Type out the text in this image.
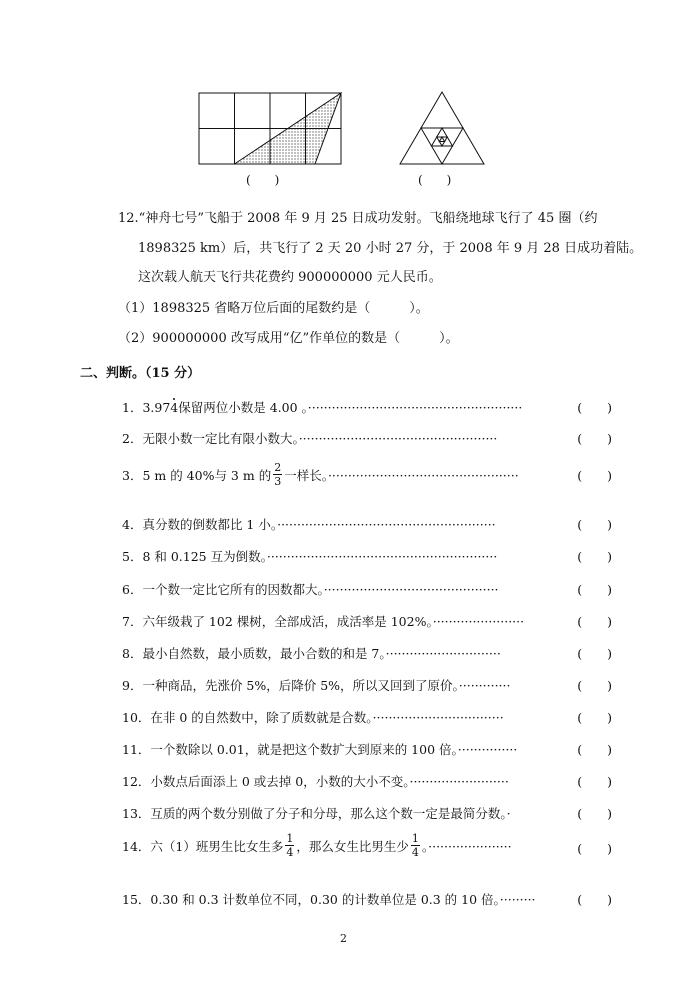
(　　)	(　　)
12.“神舟七号”飞船于 2008 年 9 月 25 日成功发射。飞船绕地球飞行了 45 圈（约
1898325 km）后，共飞行了 2 天 20 小时 27 分，于 2008 年 9 月 28 日成功着陆。
这次载人航天飞行共花费约 900000000 元人民币。
（1）1898325 省略万位后面的尾数约是（　　　）。
（2）900000000 改写成用“亿”作单位的数是（　　　）。
二、判断。（15 分）
1． 3.97 4 保留两位小数是 4.00 。······················································	(　　)
2． 无限小数一定比有限小数大。··················································	(　　)
3． 5 m 的 40%与 3 m 的 $\frac{2}{3}$ 一样长。················································	(　　)
4． 真分数的倒数都比 1 小。·······················································	(　　)
5． 8 和 0.125 互为倒数。··························································	(　　)
6． 一个数一定比它所有的因数都大。············································	(　　)
7． 六年级栽了 102 棵树，全部成活，成活率是 102%。·······················	(　　)
8． 最小自然数，最小质数，最小合数的和是 7。·····························	(　　)
9． 一种商品，先涨价 5%，后降价 5%，所以又回到了原价。·············	(　　)
10． 在非 0 的自然数中，除了质数就是合数。·································	(　　)
11． 一个数除以 0.01，就是把这个数扩大到原来的 100 倍。···············	(　　)
12． 小数点后面添上 0 或去掉 0，小数的大小不变。·························	(　　)
13． 互质的两个数分别做了分子和分母，那么这个数一定是最简分数。·	(　　)
14． 六（1）班男生比女生多 $\frac{1}{4}$ ，那么女生比男生少 $\frac{1}{4}$ 。·····················	(　　)
15． 0.30 和 0.3 计数单位不同，0.30 的计数单位是 0.3 的 10 倍。·········	(　　)
2
